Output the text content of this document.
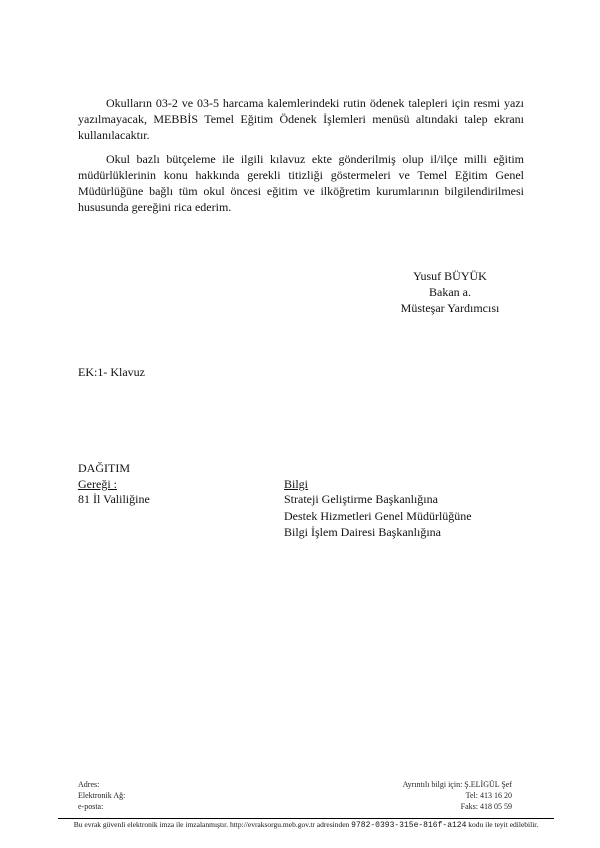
Okulların 03-2 ve 03-5 harcama kalemlerindeki rutin ödenek talepleri için resmi yazı yazılmayacak, MEBBİS Temel Eğitim Ödenek İşlemleri menüsü altındaki talep ekranı kullanılacaktır.

Okul bazlı bütçeleme ile ilgili kılavuz ekte gönderilmiş olup il/ilçe milli eğitim müdürlüklerinin konu hakkında gerekli titizliği göstermeleri ve Temel Eğitim Genel Müdürlüğüne bağlı tüm okul öncesi eğitim ve ilköğretim kurumlarının bilgilendirilmesi hususunda gereğini rica ederim.

Yusuf BÜYÜK
Bakan a.
Müsteşar Yardımcısı
EK:1- Klavuz
DAĞITIM
Gereği :	Bilgi
81 İl Valiliğine	Strateji Geliştirme Başkanlığına
Destek Hizmetleri Genel Müdürlüğüne
Bilgi İşlem Dairesi Başkanlığına
Adres:
Elektronik Ağ:
e-posta:
Ayrıntılı bilgi için: Ş.ELİGÜL Şef
Tel: 413 16 20
Faks: 418 05 59
Bu evrak güvenli elektronik imza ile imzalanmıştır. http://evraksorgu.meb.gov.tr adresinden 9782-0393-315e-816f-a124 kodu ile teyit edilebilir.
